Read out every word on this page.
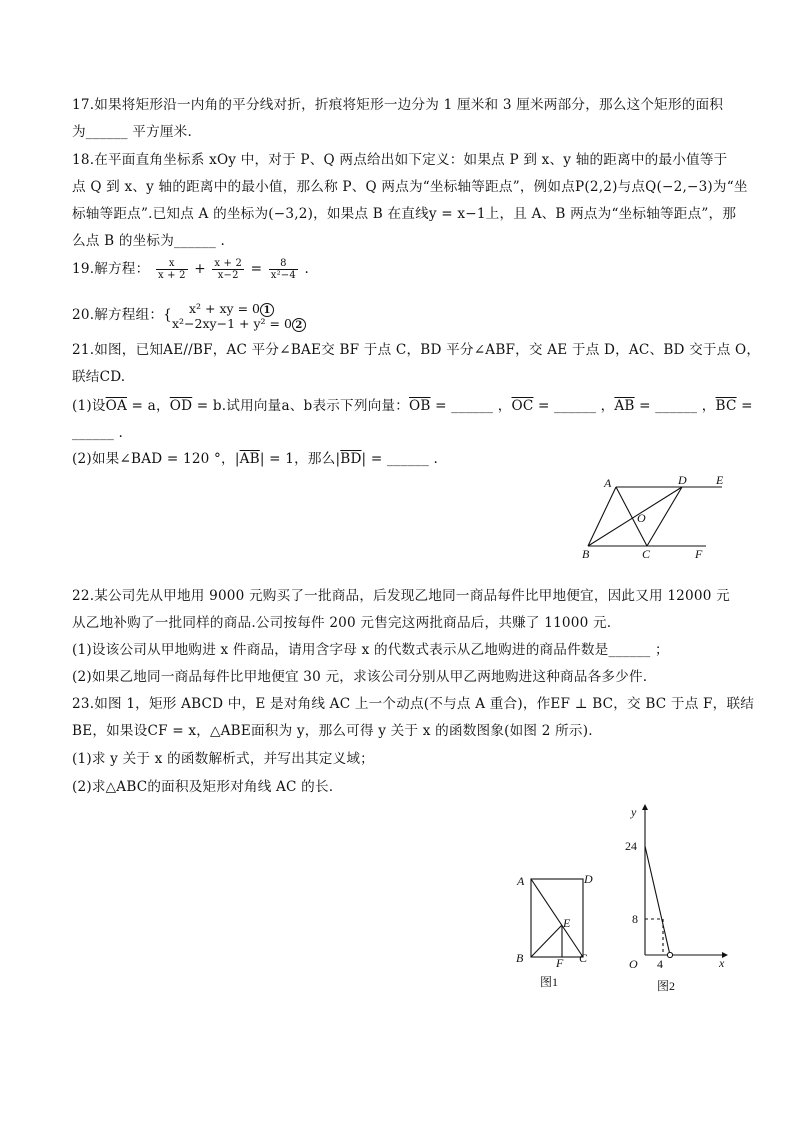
17.如果将矩形沿一内角的平分线对折，折痕将矩形一边分为 1 厘米和 3 厘米两部分，那么这个矩形的面积
为______ 平方厘米.
18.在平面直角坐标系 xOy 中，对于 P、Q 两点给出如下定义：如果点 P 到 x、y 轴的距离中的最小值等于
点 Q 到 x、y 轴的距离中的最小值，那么称 P、Q 两点为“坐标轴等距点”，例如点P(2,2)与点Q(−2,−3)为“坐
标轴等距点”.已知点 A 的坐标为(−3,2)，如果点 B 在直线y = x−1上，且 A、B 两点为“坐标轴等距点”，那
么点 B 的坐标为______ .
19.解方程： $\frac{x}{x + 2} + \frac{x + 2}{x-2} = \frac{8}{\text{x²−4}}$ .
20.解方程组：{ x² + xy = 0 1
x²−2xy−1 + y² = 0 2
21.如图，已知AE//BF，AC 平分∠BAE交 BF 于点 C，BD 平分∠ABF，交 AE 于点 D，AC、BD 交于点 O，
联结CD.
(1)设$\overline{OA} = a$，$\overline{OD} = b$.试用向量a、b表示下列向量：$\overline{OB}$ = ______ ，$\overline{OC}$ = ______ ，$\overline{AB}$ = ______ ，$\overline{BC}$ =
______ .
(2)如果∠BAD = 120 °，$|\overline{AB}| = 1$，那么$|\overline{BD}|$ = ______ .
A	D E
O
B	C	F
22.某公司先从甲地用 9000 元购买了一批商品，后发现乙地同一商品每件比甲地便宜，因此又用 12000 元
从乙地补购了一批同样的商品.公司按每件 200 元售完这两批商品后，共赚了 11000 元.
(1)设该公司从甲地购进 x 件商品，请用含字母 x 的代数式表示从乙地购进的商品件数是______ ；
(2)如果乙地同一商品每件比甲地便宜 30 元，求该公司分别从甲乙两地购进这种商品各多少件.
23.如图 1，矩形 ABCD 中，E 是对角线 AC 上一个动点(不与点 A 重合)，作EF ⊥ BC，交 BC 于点 F，联结
BE，如果设CF = x，△ABE面积为 y，那么可得 y 关于 x 的函数图象(如图 2 所示).
(1)求 y 关于 x 的函数解析式，并写出其定义域；
(2)求△ABC的面积及矩形对角线 AC 的长.
A	D
E
B	F C
图1
y
x
O
24
8
4
图2
